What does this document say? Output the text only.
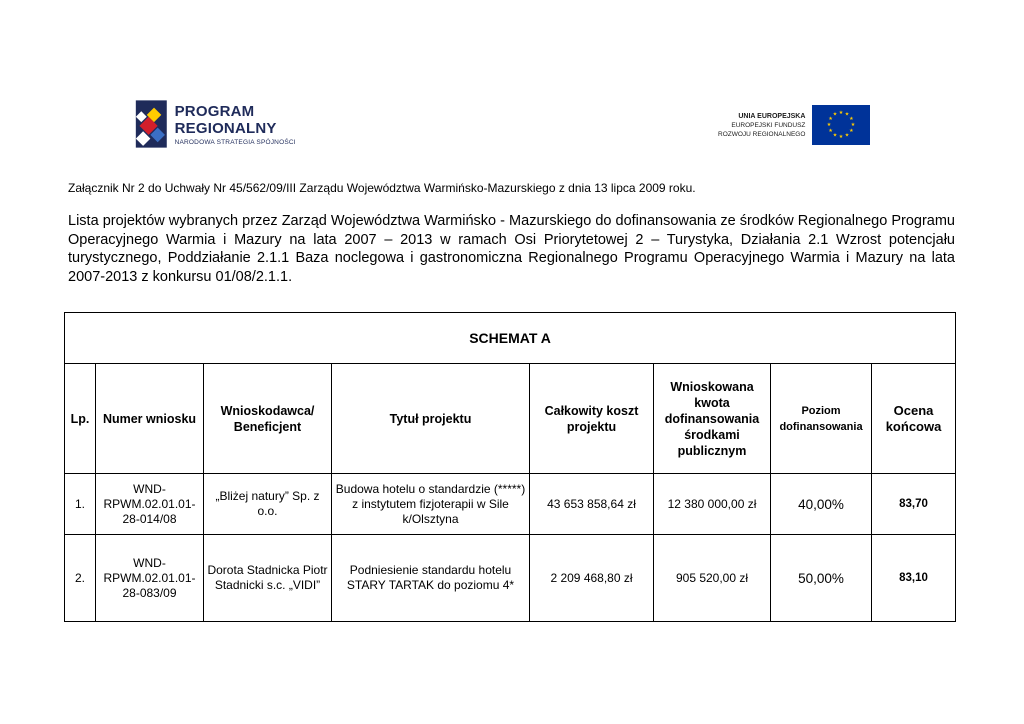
PROGRAM REGIONALNY
NARODOWA STRATEGIA SPÓJNOŚCI
UNIA EUROPEJSKA
EUROPEJSKI FUNDUSZ
ROZWOJU REGIONALNEGO
★ ★
★
★
★
★
★
★
★
★
★
★
Załącznik Nr 2 do Uchwały Nr 45/562/09/III Zarządu Województwa Warmińsko-Mazurskiego z dnia 13 lipca 2009 roku.
Lista projektów wybranych przez Zarząd Województwa Warmińsko - Mazurskiego do dofinansowania ze środków Regionalnego Programu Operacyjnego Warmia i Mazury na lata 2007 – 2013 w ramach Osi Priorytetowej 2 – Turystyka, Działania 2.1 Wzrost potencjału turystycznego, Poddziałanie 2.1.1 Baza noclegowa i gastronomiczna Regionalnego Programu Operacyjnego Warmia i Mazury na lata 2007-2013 z konkursu 01/08/2.1.1.
SCHEMAT A							
Lp.	Numer wniosku	Wnioskodawca/ Beneficjent	Tytuł projektu	Całkowity koszt projektu	Wnioskowana kwota dofinansowania środkami publicznym	Poziom dofinansowania	Ocena końcowa
1.	WND-RPWM.02.01.01-28-014/08	„Bliżej natury” Sp. z o.o.	Budowa hotelu o standardzie (*****) z instytutem fizjoterapii w Sile k/Olsztyna	43 653 858,64 zł	12 380 000,00 zł	40,00%	83,70
2.	WND-RPWM.02.01.01-28-083/09	Dorota Stadnicka Piotr Stadnicki s.c. „VIDI”	Podniesienie standardu hotelu STARY TARTAK do poziomu 4*	2 209 468,80 zł	905 520,00 zł	50,00%	83,10
